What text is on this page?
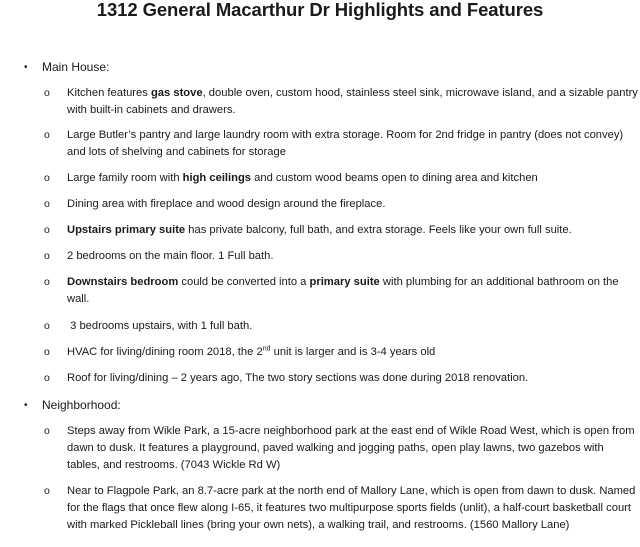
1312 General Macarthur Dr Highlights and Features
• Main House:
o Kitchen features gas stove, double oven, custom hood, stainless steel sink, microwave island, and a sizable pantry with built-in cabinets and drawers.
o Large Butler’s pantry and large laundry room with extra storage. Room for 2nd fridge in pantry (does not convey) and lots of shelving and cabinets for storage
o Large family room with high ceilings and custom wood beams open to dining area and kitchen
o Dining area with fireplace and wood design around the fireplace.
o Upstairs primary suite has private balcony, full bath, and extra storage. Feels like your own full suite.
o 2 bedrooms on the main floor. 1 Full bath.
o Downstairs bedroom could be converted into a primary suite with plumbing for an additional bathroom on the wall.
o 3 bedrooms upstairs, with 1 full bath.
o HVAC for living/dining room 2018, the 2nd unit is larger and is 3-4 years old
o Roof for living/dining – 2 years ago, The two story sections was done during 2018 renovation.
• Neighborhood:
o Steps away from Wikle Park, a 15-acre neighborhood park at the east end of Wikle Road West, which is open from dawn to dusk. It features a playground, paved walking and jogging paths, open play lawns, two gazebos with tables, and restrooms. (7043 Wickle Rd W)
o Near to Flagpole Park, an 8.7-acre park at the north end of Mallory Lane, which is open from dawn to dusk. Named for the flags that once flew along I-65, it features two multipurpose sports fields (unlit), a half-court basketball court with marked Pickleball lines (bring your own nets), a walking trail, and restrooms. (1560 Mallory Lane)
